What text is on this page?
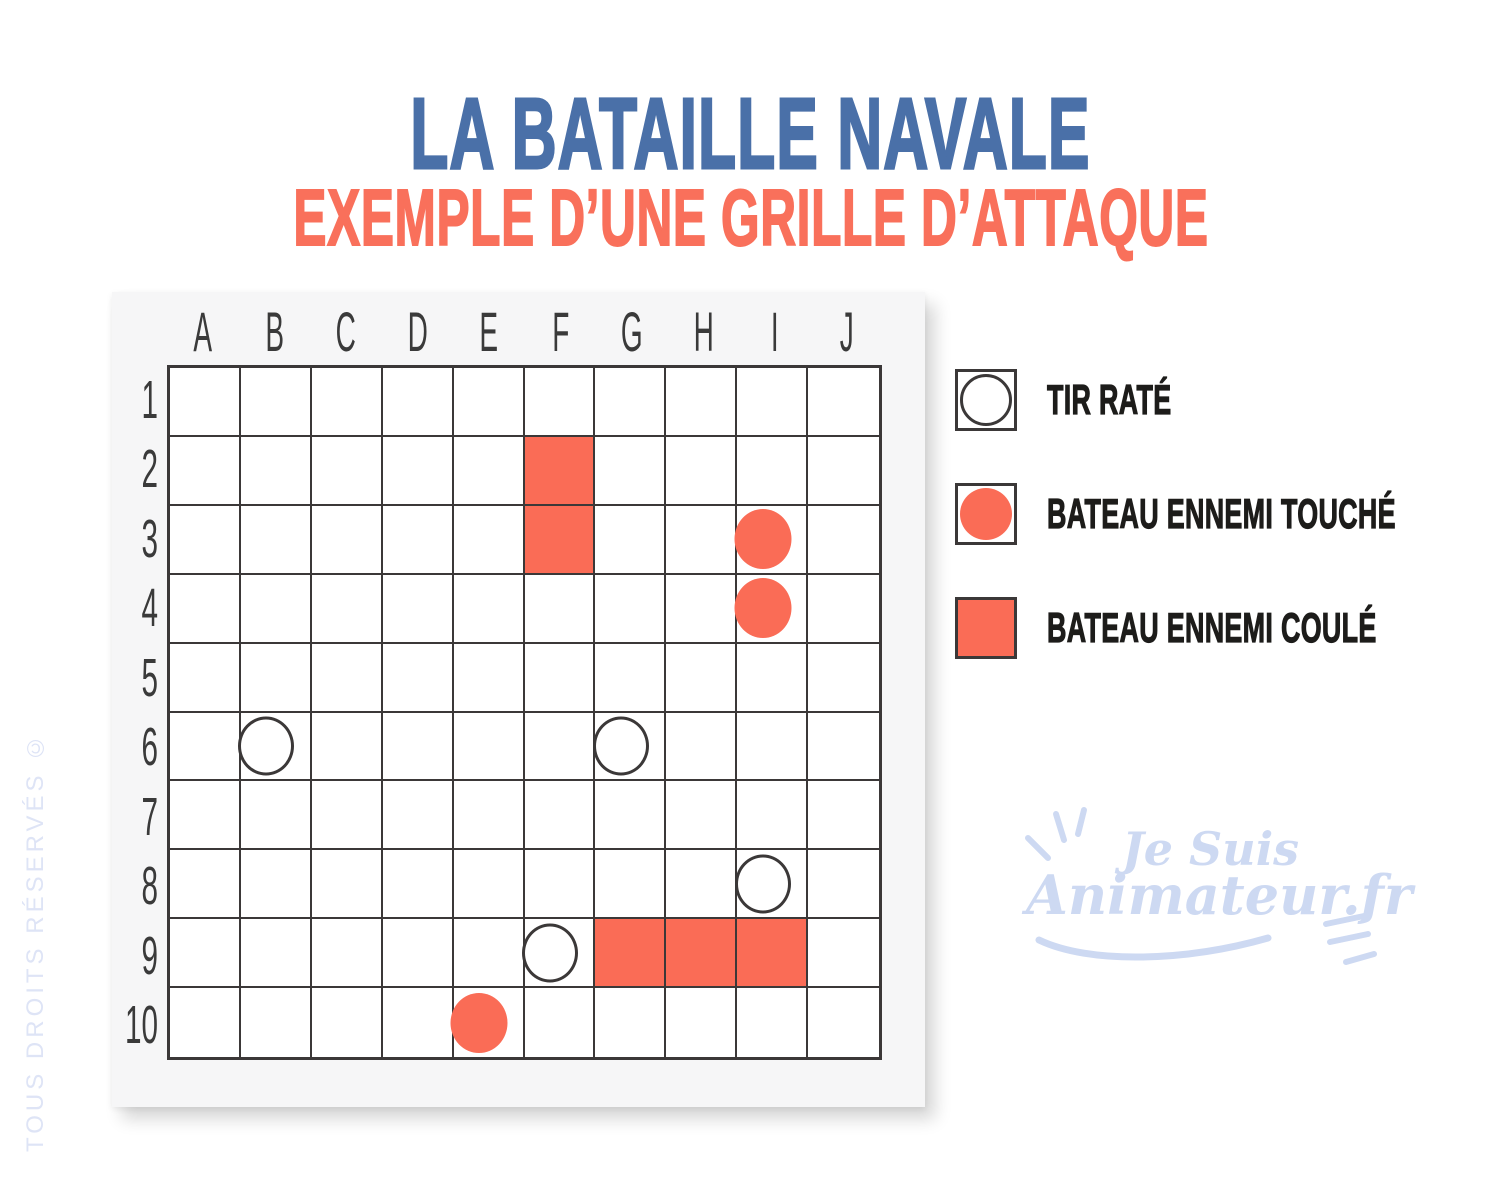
LA BATAILLE NAVALE
EXEMPLE D’UNE GRILLE D’ATTAQUE
A B C D E F G H I J
1
2
3
4
5
6
7
8
9
10
TIR RATÉ
BATEAU ENNEMI TOUCHÉ
BATEAU ENNEMI COULÉ
Je Suis
Animateur.fr
TOUS DROITS RÉSERVÉS ©
